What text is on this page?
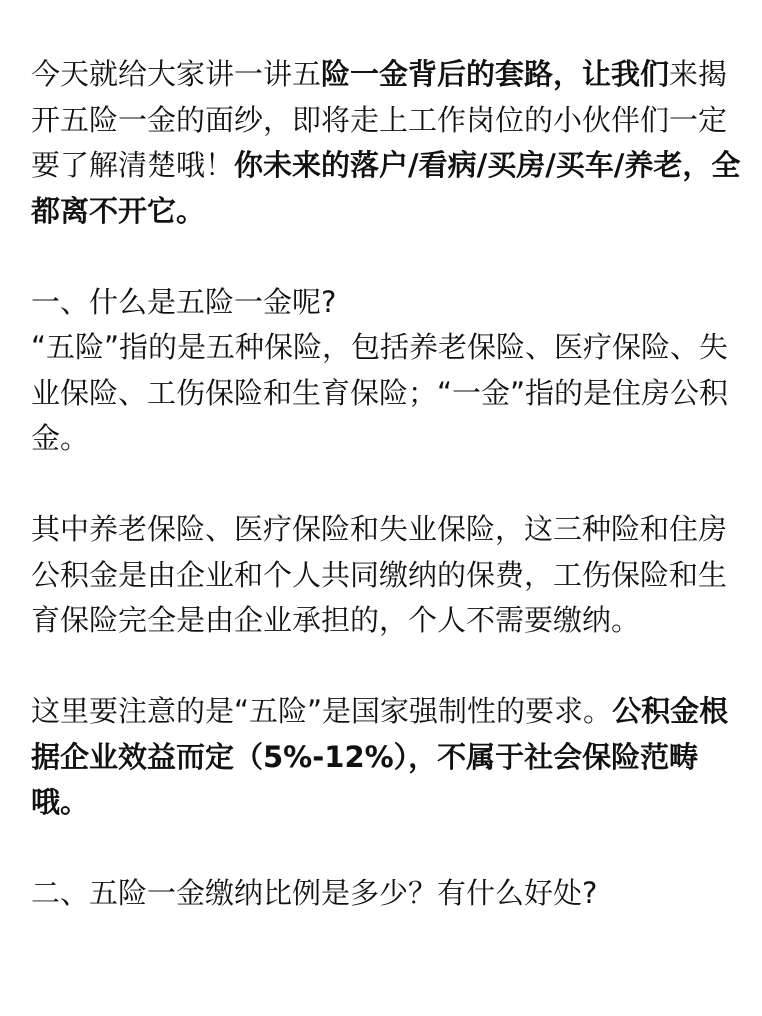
今天就给大家讲一讲五险一金背后的套路，让我们来揭开五险一金的面纱，即将走上工作岗位的小伙伴们一定要了解清楚哦！你未来的落户/看病/买房/买车/养老，全都离不开它。

一、什么是五险一金呢?
“五险”指的是五种保险，包括养老保险、医疗保险、失业保险、工伤保险和生育保险；“一金”指的是住房公积金。

其中养老保险、医疗保险和失业保险，这三种险和住房公积金是由企业和个人共同缴纳的保费，工伤保险和生育保险完全是由企业承担的，个人不需要缴纳。

这里要注意的是“五险”是国家强制性的要求。公积金根据企业效益而定（5%-12%），不属于社会保险范畴哦。

二、五险一金缴纳比例是多少？有什么好处?
